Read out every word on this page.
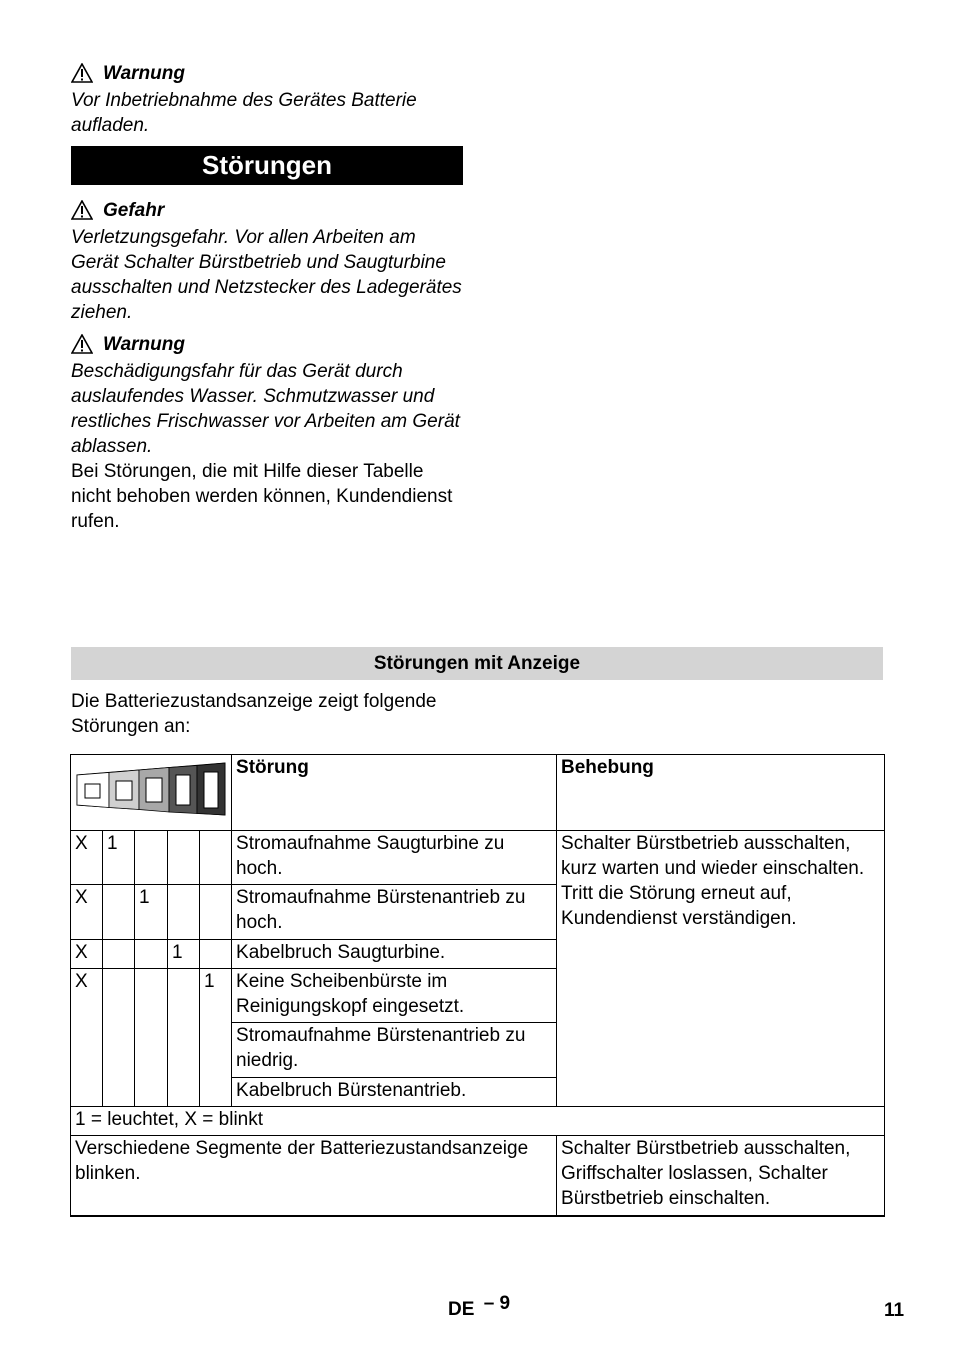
Warnung

Vor Inbetriebnahme des Gerätes Batterie aufladen.

Störungen
Gefahr

Verletzungsgefahr. Vor allen Arbeiten am Gerät Schalter Bürstbetrieb und Saugturbine ausschalten und Netzstecker des Ladegerätes ziehen.

Warnung

Beschädigungsfahr für das Gerät durch auslaufendes Wasser. Schmutzwasser und restliches Frischwasser vor Arbeiten am Gerät ablassen.

Bei Störungen, die mit Hilfe dieser Tabelle nicht behoben werden können, Kundendienst rufen.

Störungen mit Anzeige

Die Batteriezustandsanzeige zeigt folgende Störungen an:

	Störung	Behebung
X	1				Stromaufnahme Saugturbine zu hoch.	Schalter Bürstbetrieb ausschalten, kurz warten und wieder einschalten. Tritt die Störung erneut auf, Kundendienst verständigen.
X		1			Stromaufnahme Bürstenantrieb zu hoch.	
X			1		Kabelbruch Saugturbine.	
X				1	Keine Scheibenbürste im Reinigungskopf eingesetzt.	
					Stromaufnahme Bürstenantrieb zu niedrig.	
					Kabelbruch Bürstenantrieb.	
1 = leuchtet, X = blinkt						
Verschiedene Segmente der Batteriezustandsanzeige blinken.						Schalter Bürstbetrieb ausschalten, Griffschalter loslassen, Schalter Bürstbetrieb einschalten.
DE – 9	11
